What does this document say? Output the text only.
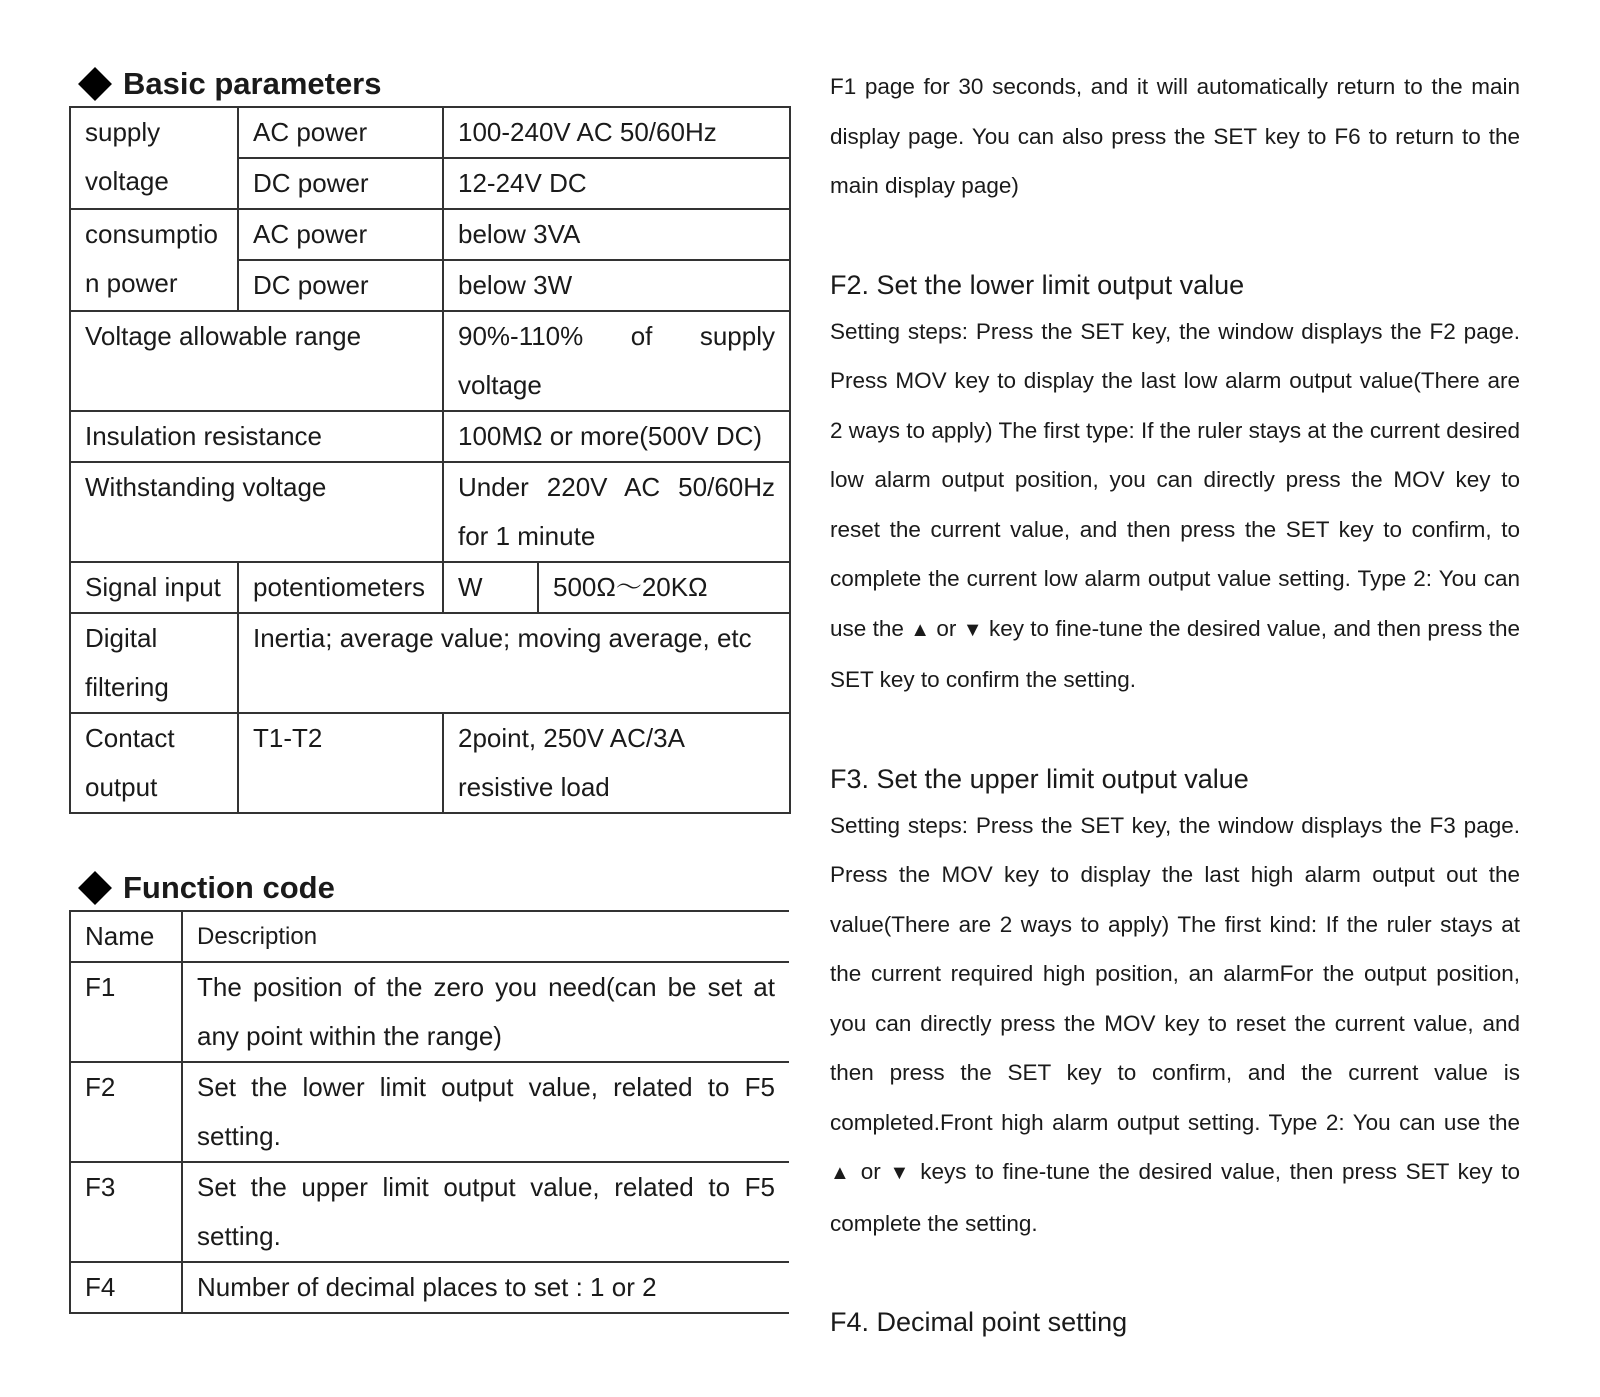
Basic parameters
supply
voltage	AC power	100-240V AC 50/60Hz	
	DC power	12-24V DC	

consumptio
n power	AC power	below 3VA	
	DC power	below 3W	
Voltage allowable range		90%-110% of supply voltage	
Insulation resistance		100MΩ or more(500V DC)	
Withstanding voltage		Under 220V AC 50/60Hz for 1 minute	
Signal input	potentiometers	W	500Ω～20KΩ
Digital filtering	Inertia; average value; moving average, etc		
Contact output	T1-T2	2point, 250V AC/3A resistive load	
Function code
Name	Description
F1	The position of the zero you need(can be set at any point within the range)
F2	Set the lower limit output value, related to F5 setting.
F3	Set the upper limit output value, related to F5 setting.
F4	Number of decimal places to set : 1 or 2

F1 page for 30 seconds, and it will automatically return to the main display page. You can also press the SET key to F6 to return to the main display page)

F2. Set the lower limit output value

Setting steps: Press the SET key, the window displays the F2 page. Press MOV key to display the last low alarm output value(There are 2 ways to apply) The first type: If the ruler stays at the current desired low alarm output position, you can directly press the MOV key to reset the current value, and then press the SET key to confirm, to complete the current low alarm output value setting. Type 2: You can use the ▲ or ▼ key to fine-tune the desired value, and then press the SET key to confirm the setting.

F3. Set the upper limit output value

Setting steps: Press the SET key, the window displays the F3 page. Press the MOV key to display the last high alarm output out the value(There are 2 ways to apply) The first kind: If the ruler stays at the current required high position, an alarmFor the output position, you can directly press the MOV key to reset the current value, and then press the SET key to confirm, and the current value is completed.Front high alarm output setting. Type 2: You can use the ▲ or ▼ keys to fine-tune the desired value, then press SET key to complete the setting.

F4. Decimal point setting
